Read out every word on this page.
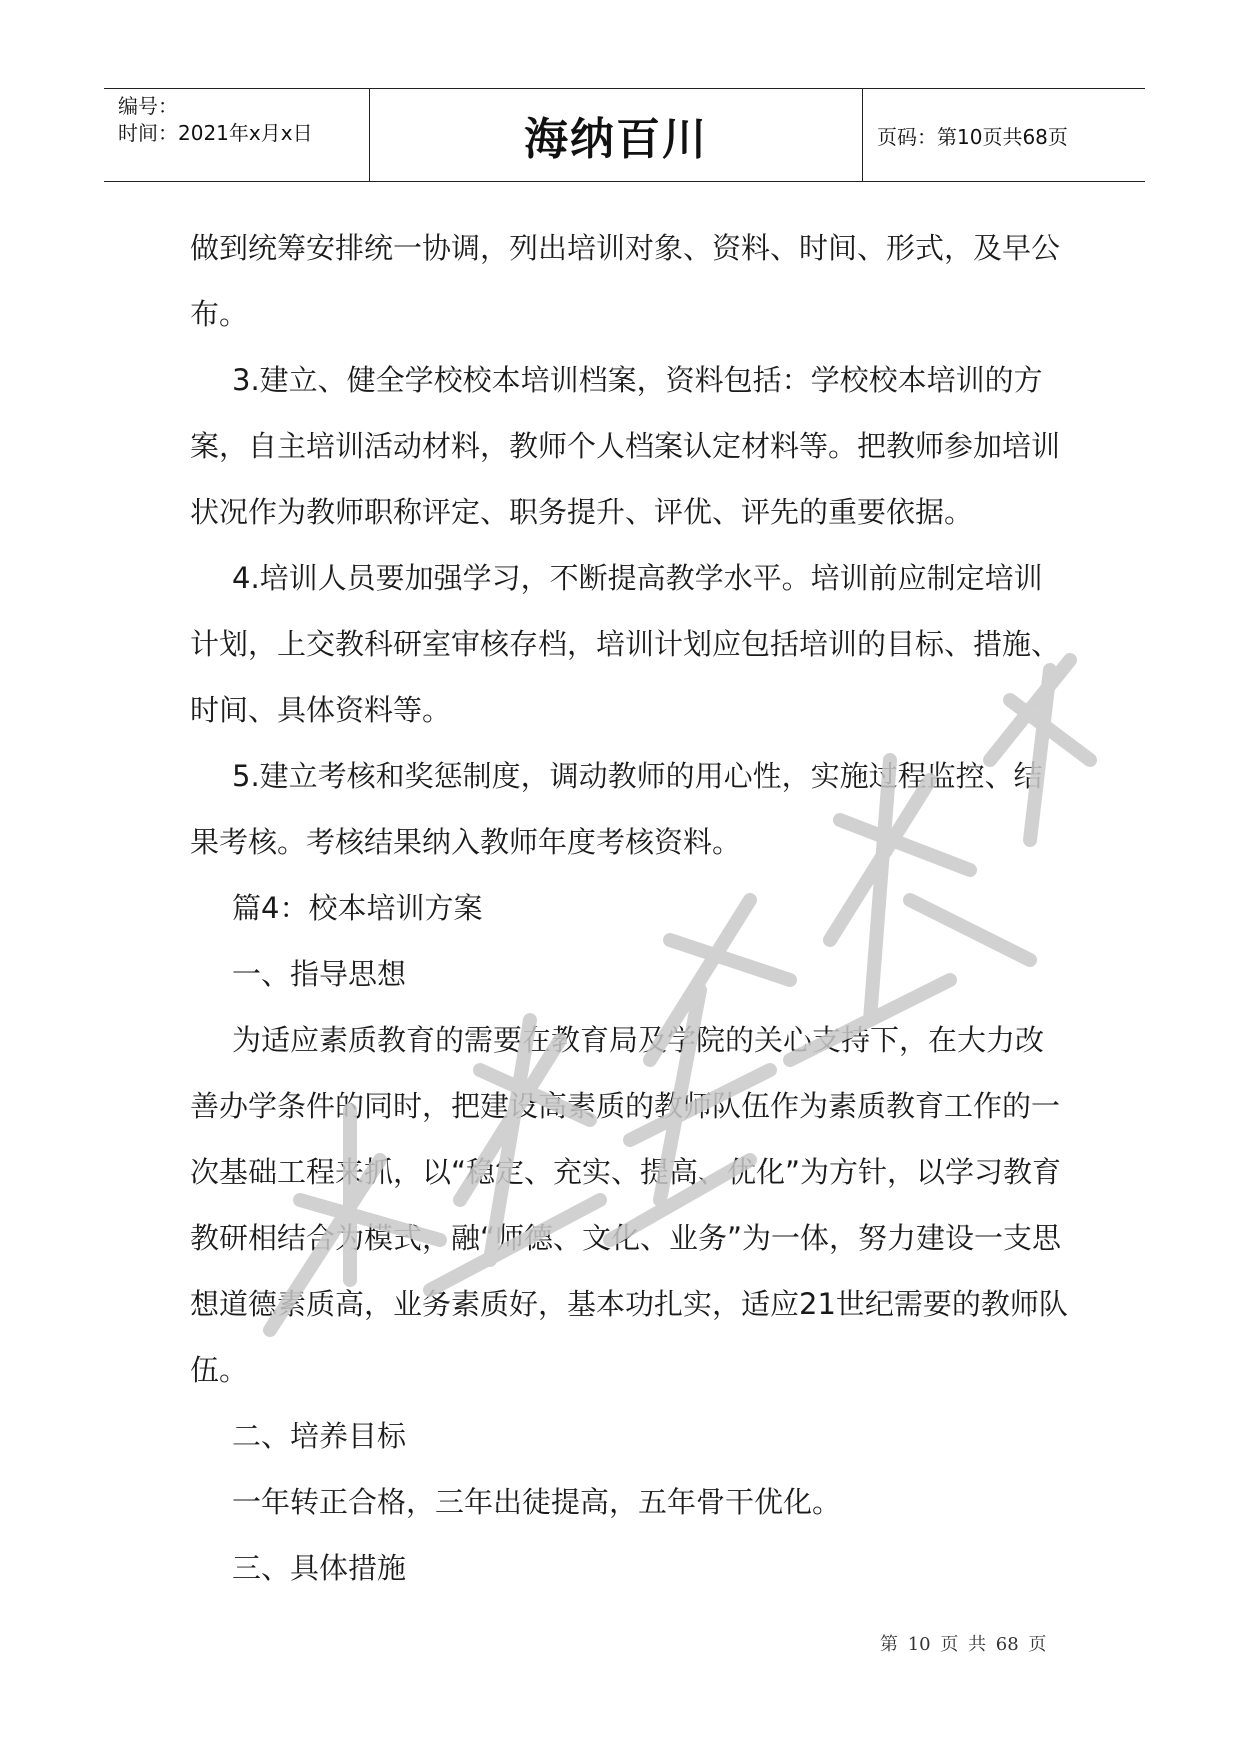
编号：
时间：2021年x月x日	海纳百川	页码：第10页共68页

做到统筹安排统一协调，列出培训对象、资料、时间、形式，及早公布。

3.建立、健全学校校本培训档案，资料包括：学校校本培训的方案，自主培训活动材料，教师个人档案认定材料等。把教师参加培训状况作为教师职称评定、职务提升、评优、评先的重要依据。

4.培训人员要加强学习，不断提高教学水平。培训前应制定培训计划，上交教科研室审核存档，培训计划应包括培训的目标、措施、时间、具体资料等。

5.建立考核和奖惩制度，调动教师的用心性，实施过程监控、结果考核。考核结果纳入教师年度考核资料。

篇4：校本培训方案

一、指导思想

为适应素质教育的需要在教育局及学院的关心支持下，在大力改善办学条件的同时，把建设高素质的教师队伍作为素质教育工作的一次基础工程来抓，以“稳定、充实、提高、优化”为方针，以学习教育教研相结合为模式，融“师德、文化、业务”为一体，努力建设一支思想道德素质高，业务素质好，基本功扎实，适应21世纪需要的教师队伍。

二、培养目标

一年转正合格，三年出徒提高，五年骨干优化。

三、具体措施

第 10 页 共 68 页
